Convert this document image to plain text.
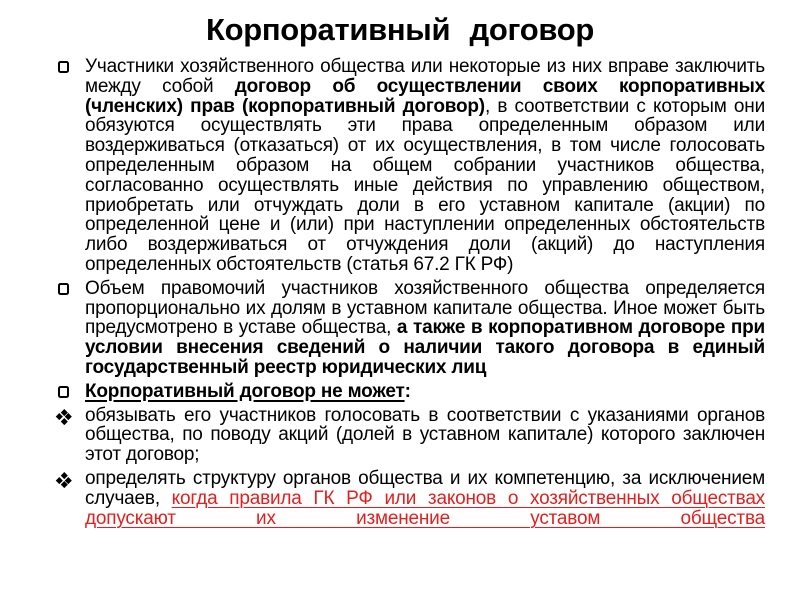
Корпоративный договор
Участники хозяйственного общества или некоторые из них вправе заключить между собой договор об осуществлении своих корпоративных (членских) прав (корпоративный договор), в соответствии с которым они обязуются осуществлять эти права определенным образом или воздерживаться (отказаться) от их осуществления, в том числе голосовать определенным образом на общем собрании участников общества, согласованно осуществлять иные действия по управлению обществом, приобретать или отчуждать доли в его уставном капитале (акции) по определенной цене и (или) при наступлении определенных обстоятельств либо воздерживаться от отчуждения доли (акций) до наступления определенных обстоятельств (статья 67.2 ГК РФ)
Объем правомочий участников хозяйственного общества определяется пропорционально их долям в уставном капитале общества. Иное может быть предусмотрено в уставе общества, а также в корпоративном договоре при условии внесения сведений о наличии такого договора в единый государственный реестр юридических лиц
Корпоративный договор не может:
обязывать его участников голосовать в соответствии с указаниями органов общества, по поводу акций (долей в уставном капитале) которого заключен этот договор;
определять структуру органов общества и их компетенцию, за исключением случаев, когда правила ГК РФ или законов о хозяйственных обществах допускают их изменение уставом общества
